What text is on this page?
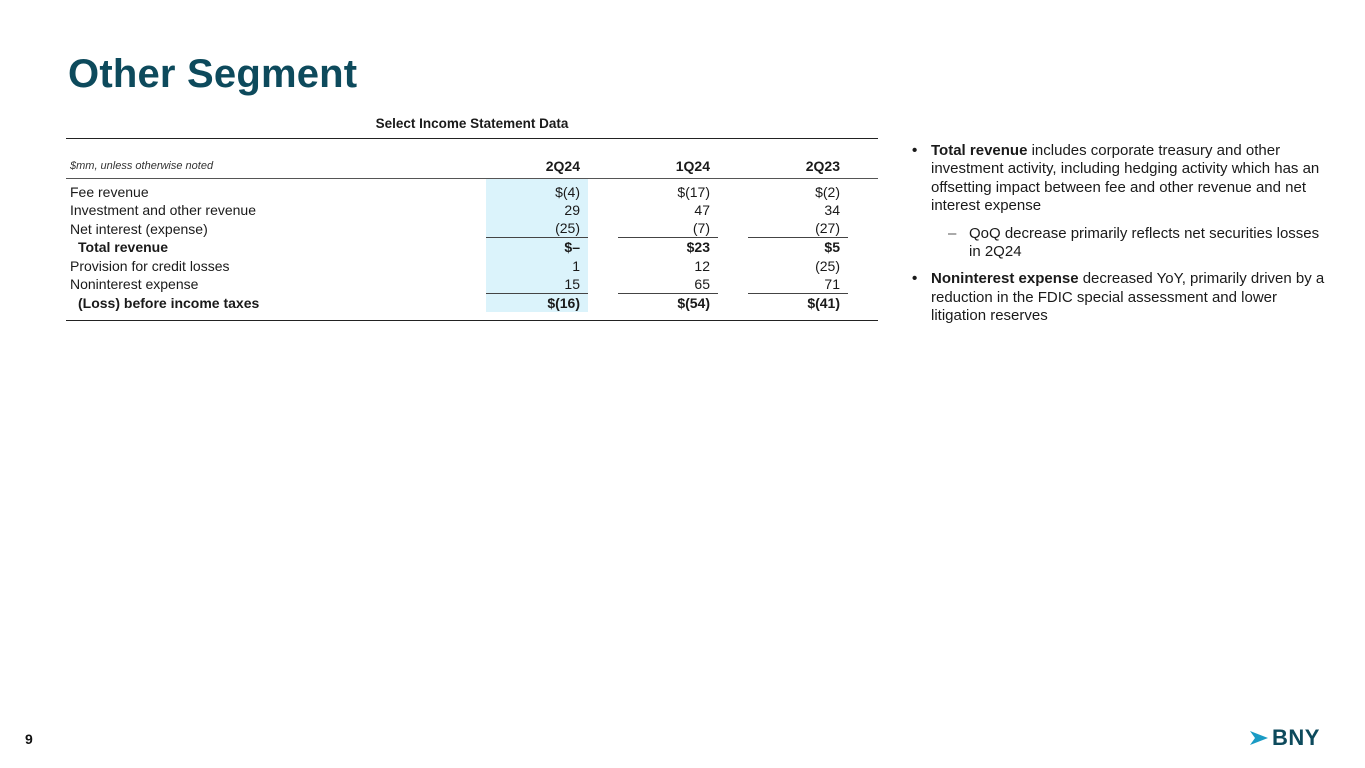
Other Segment
Select Income Statement Data
$mm, unless otherwise noted	2Q24		1Q24		2Q23	
Fee revenue	$(4)		$(17)		$(2)	
Investment and other revenue	29		47		34	
Net interest (expense)	(25)		(7)		(27)	
Total revenue	$–		$23		$5	
Provision for credit losses	1		12		(25)	
Noninterest expense	15		65		71	
(Loss) before income taxes	$(16)		$(54)		$(41)	
• Total revenue includes corporate treasury and other investment activity, including hedging activity which has an offsetting impact between fee and other revenue and net interest expense
– QoQ decrease primarily reflects net securities losses in 2Q24
• Noninterest expense decreased YoY, primarily driven by a reduction in the FDIC special assessment and lower litigation reserves
9	BNY
